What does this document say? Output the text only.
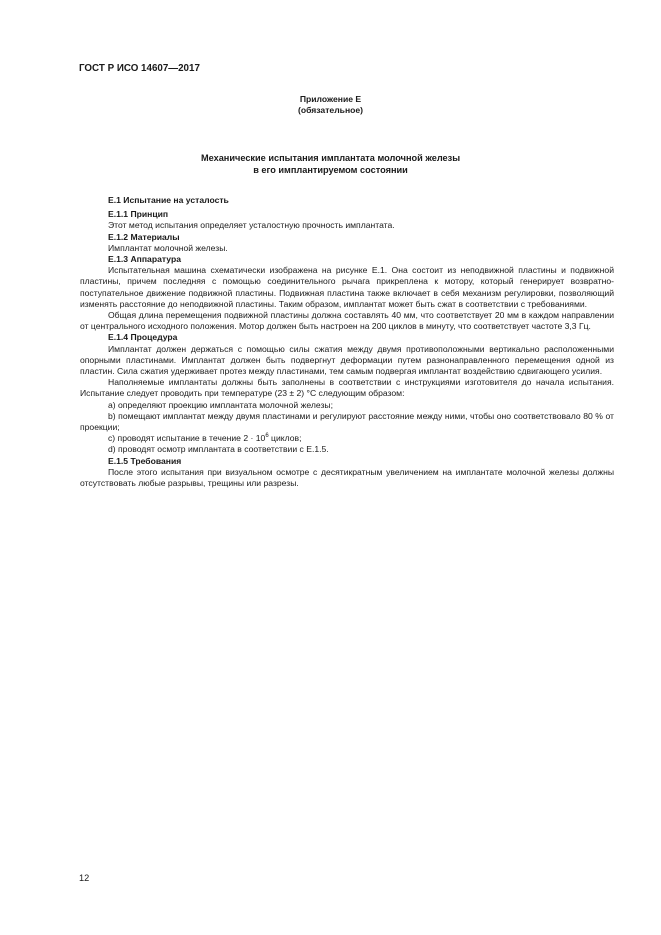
ГОСТ Р ИСО 14607—2017

Приложение Е
(обязательное)
Механические испытания имплантата молочной железы
в его имплантируемом состоянии

Е.1 Испытание на усталость

Е.1.1 Принцип

Этот метод испытания определяет усталостную прочность имплантата.

Е.1.2 Материалы

Имплантат молочной железы.

Е.1.3 Аппаратура

Испытательная машина схематически изображена на рисунке Е.1. Она состоит из неподвижной пластины и подвижной пластины, причем последняя с помощью соединительного рычага прикреплена к мотору, который генерирует возвратно-поступательное движение подвижной пластины. Подвижная пластина также включает в себя механизм регулировки, позволяющий изменять расстояние до неподвижной пластины. Таким образом, имплантат может быть сжат в соответствии с требованиями.

Общая длина перемещения подвижной пластины должна составлять 40 мм, что соответствует 20 мм в каждом направлении от центрального исходного положения. Мотор должен быть настроен на 200 циклов в минуту, что соответствует частоте 3,3 Гц.

Е.1.4 Процедура

Имплантат должен держаться с помощью силы сжатия между двумя противоположными вертикально расположенными опорными пластинами. Имплантат должен быть подвергнут деформации путем разнонаправленного перемещения одной из пластин. Сила сжатия удерживает протез между пластинами, тем самым подвергая имплантат воздействию сдвигающего усилия.

Наполняемые имплантаты должны быть заполнены в соответствии с инструкциями изготовителя до начала испытания. Испытание следует проводить при температуре (23 ± 2) °С следующим образом:

а) определяют проекцию имплантата молочной железы;

b) помещают имплантат между двумя пластинами и регулируют расстояние между ними, чтобы оно соответствовало 80 % от проекции;

с) проводят испытание в течение $2 \cdot 10^6$ циклов;

d) проводят осмотр имплантата в соответствии с Е.1.5.

Е.1.5 Требования

После этого испытания при визуальном осмотре с десятикратным увеличением на имплантате молочной железы должны отсутствовать любые разрывы, трещины или разрезы.

12
